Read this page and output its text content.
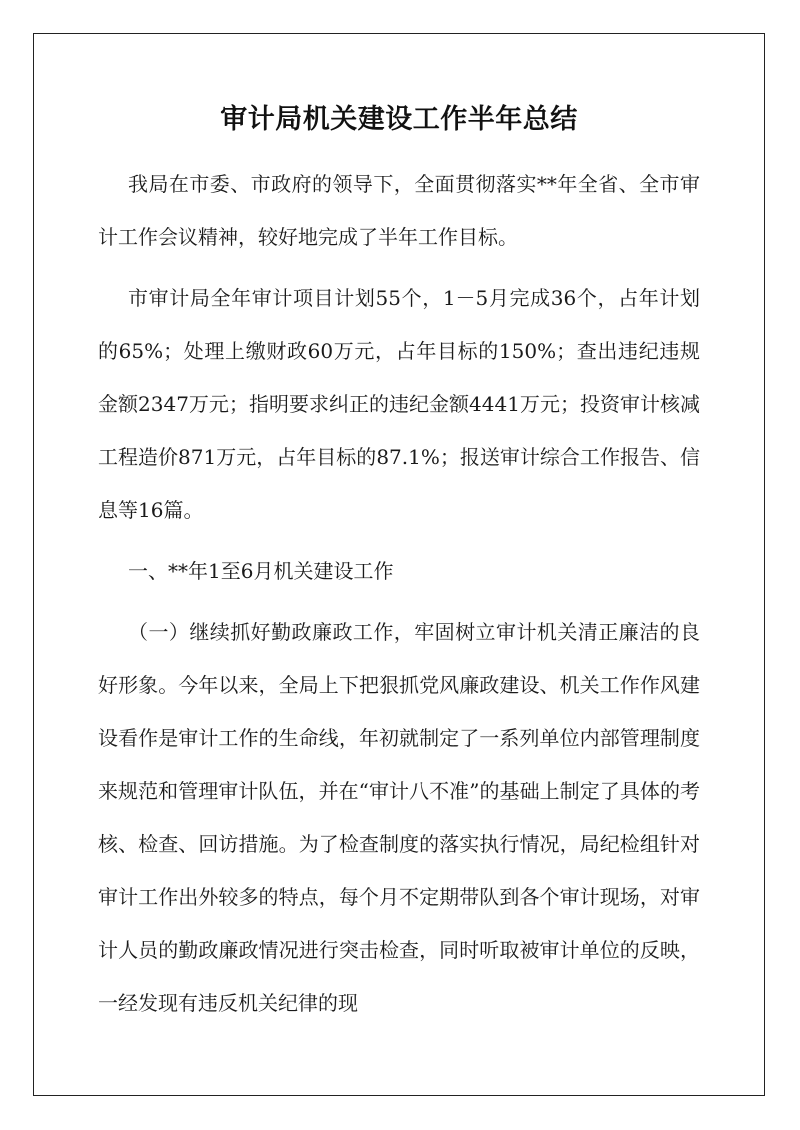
审计局机关建设工作半年总结

我局在市委、市政府的领导下，全面贯彻落实**年全省、全市审计工作会议精神，较好地完成了半年工作目标。

市审计局全年审计项目计划55个，1－5月完成36个，占年计划的65%；处理上缴财政60万元，占年目标的150%；查出违纪违规金额2347万元；指明要求纠正的违纪金额4441万元；投资审计核减工程造价871万元，占年目标的87.1%；报送审计综合工作报告、信息等16篇。

一、**年1至6月机关建设工作

（一）继续抓好勤政廉政工作，牢固树立审计机关清正廉洁的良好形象。今年以来，全局上下把狠抓党风廉政建设、机关工作作风建设看作是审计工作的生命线，年初就制定了一系列单位内部管理制度来规范和管理审计队伍，并在“审计八不准”的基础上制定了具体的考核、检查、回访措施。为了检查制度的落实执行情况，局纪检组针对审计工作出外较多的特点，每个月不定期带队到各个审计现场，对审计人员的勤政廉政情况进行突击检查，同时听取被审计单位的反映，一经发现有违反机关纪律的现
